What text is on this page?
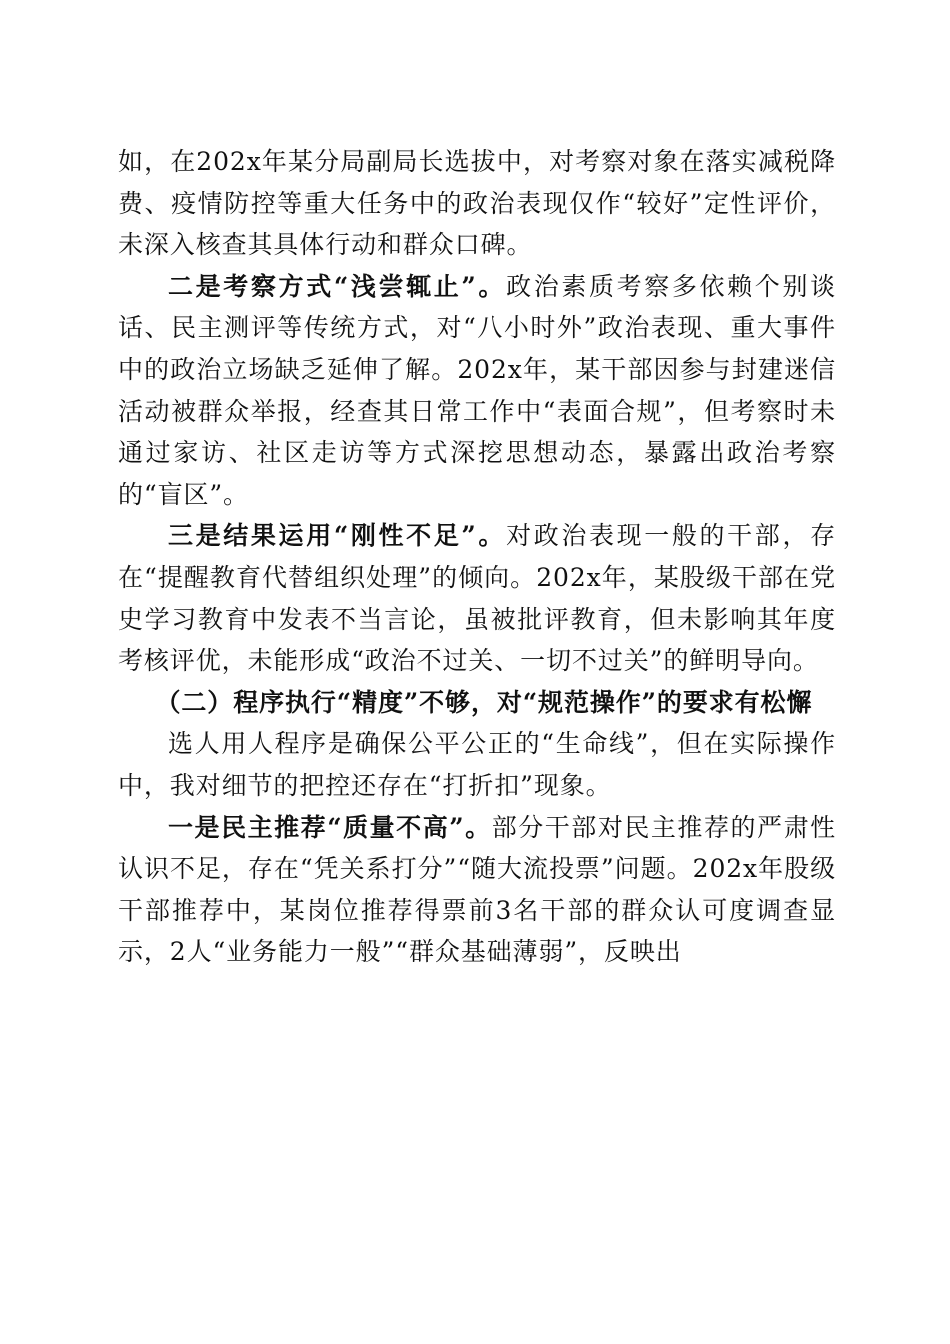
如，在202x年某分局副局长选拔中，对考察对象在落实减税降费、疫情防控等重大任务中的政治表现仅作“较好”定性评价，未深入核查其具体行动和群众口碑。

二是考察方式“浅尝辄止”。政治素质考察多依赖个别谈话、民主测评等传统方式，对“八小时外”政治表现、重大事件中的政治立场缺乏延伸了解。202x年，某干部因参与封建迷信活动被群众举报，经查其日常工作中“表面合规”，但考察时未通过家访、社区走访等方式深挖思想动态，暴露出政治考察的“盲区”。

三是结果运用“刚性不足”。对政治表现一般的干部，存在“提醒教育代替组织处理”的倾向。202x年，某股级干部在党史学习教育中发表不当言论，虽被批评教育，但未影响其年度考核评优，未能形成“政治不过关、一切不过关”的鲜明导向。

（二）程序执行“精度”不够，对“规范操作”的要求有松懈

选人用人程序是确保公平公正的“生命线”，但在实际操作中，我对细节的把控还存在“打折扣”现象。

一是民主推荐“质量不高”。部分干部对民主推荐的严肃性认识不足，存在“凭关系打分”“随大流投票”问题。202x年股级干部推荐中，某岗位推荐得票前3名干部的群众认可度调查显示，2人“业务能力一般”“群众基础薄弱”，反映出
